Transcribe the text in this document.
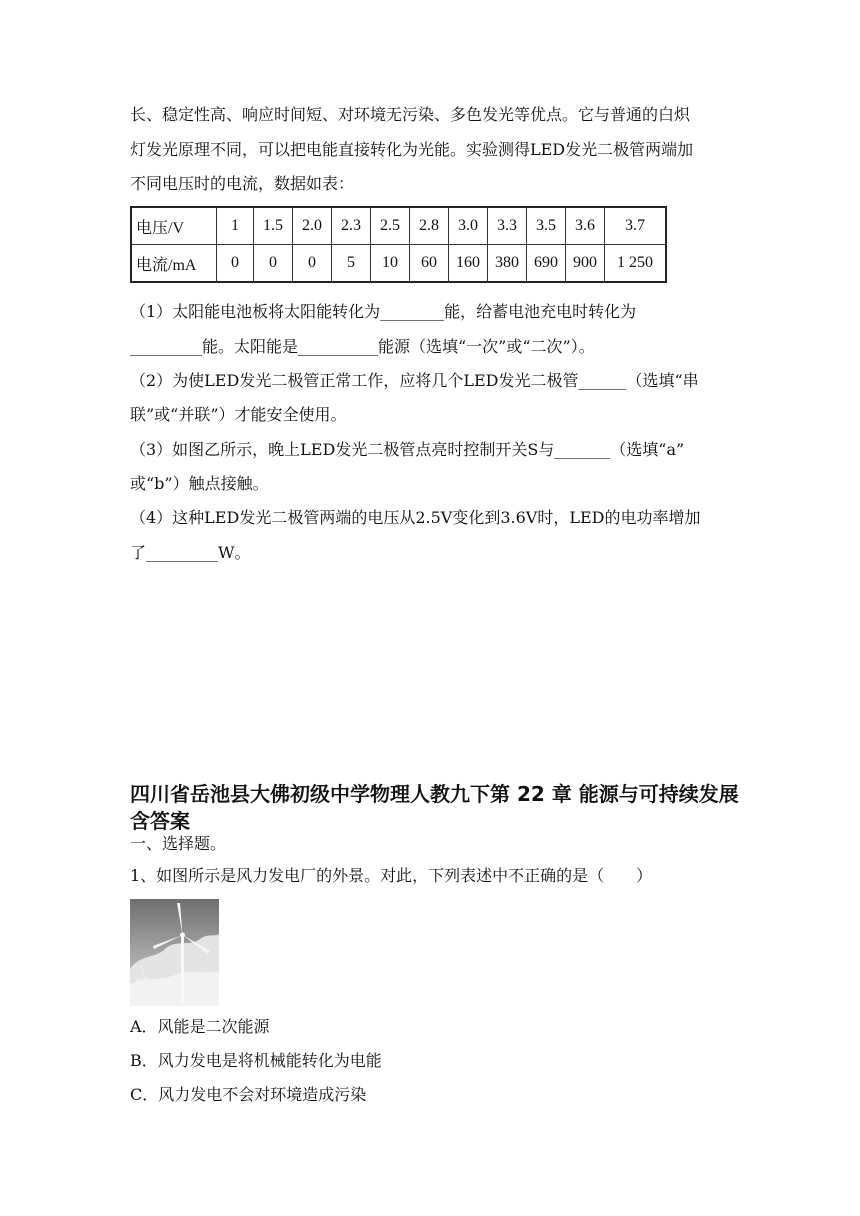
长、稳定性高、响应时间短、对环境无污染、多色发光等优点。它与普通的白炽
灯发光原理不同，可以把电能直接转化为光能。实验测得LED发光二极管两端加
不同电压时的电流，数据如表：
电压/V	1	1.5	2.0	2.3	2.5	2.8	3.0	3.3	3.5	3.6	3.7
电流/mA	0	0	0	5	10	60	160	380	690	900	1 250
（1）太阳能电池板将太阳能转化为________能，给蓄电池充电时转化为
_________能。太阳能是__________能源（选填“一次”或“二次”）。
（2）为使LED发光二极管正常工作，应将几个LED发光二极管______（选填“串
联”或“并联”）才能安全使用。
（3）如图乙所示，晚上LED发光二极管点亮时控制开关S与_______（选填“a”
或“b”）触点接触。
（4）这种LED发光二极管两端的电压从2.5V变化到3.6V时，LED的电功率增加
了_________W。
四川省岳池县大佛初级中学物理人教九下第 22 章 能源与可持续发展含答案
一、选择题。
1、如图所示是风力发电厂的外景。对此，下列表述中不正确的是（　　）
A．风能是二次能源
B．风力发电是将机械能转化为电能
C．风力发电不会对环境造成污染
